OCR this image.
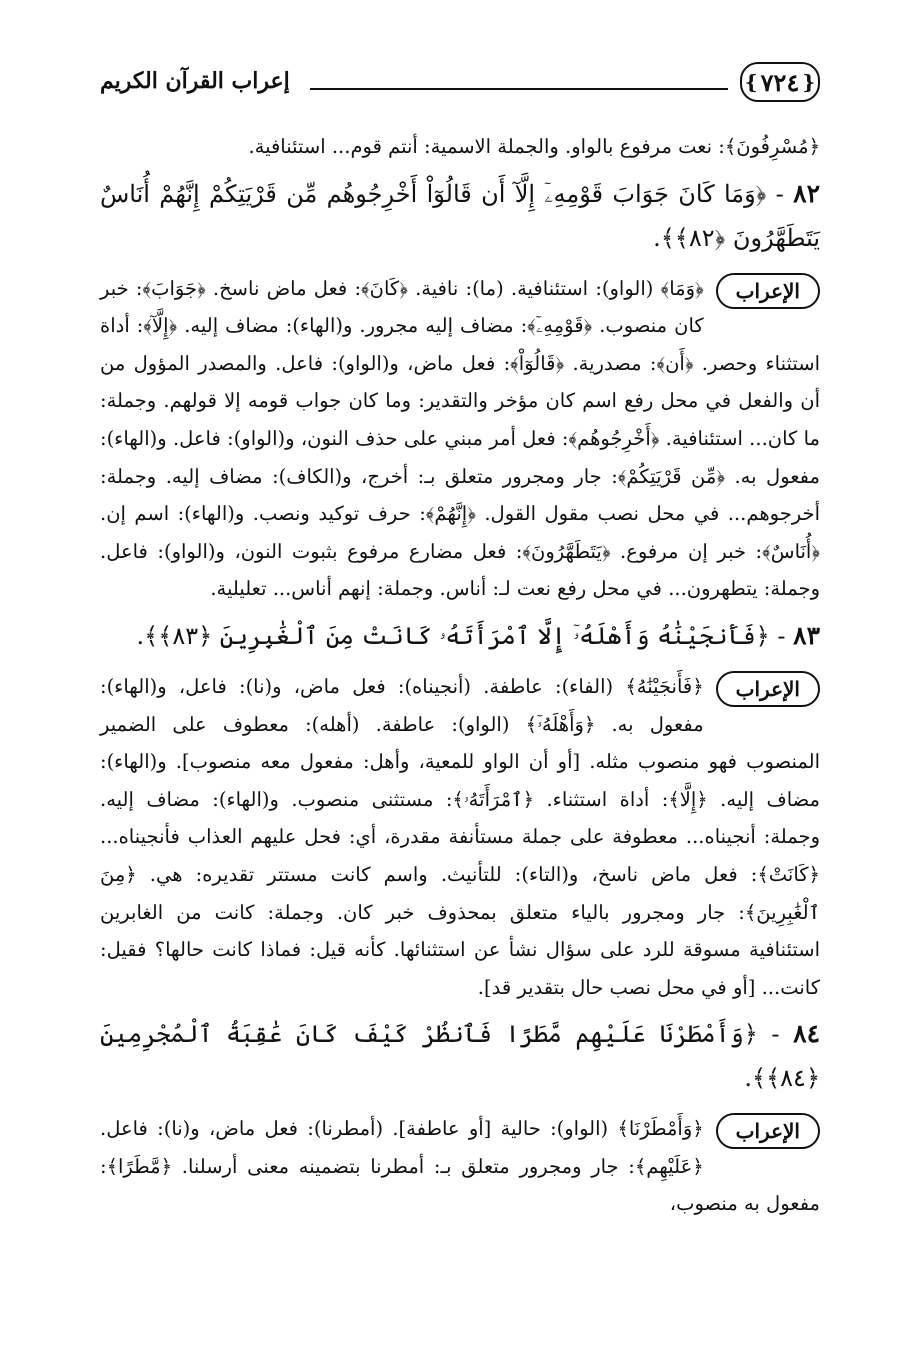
{
٧٢٤
}
إعراب القرآن الكريم

﴿مُسْرِفُونَ﴾: نعت مرفوع بالواو. والجملة الاسمية: أنتم قوم... استئنافية.

٨٢ - ﴿وَمَا كَانَ جَوَابَ قَوْمِهِۦٓ إِلَّآ أَن قَالُوٓاْ أَخْرِجُوهُم مِّن قَرْيَتِكُمْ إِنَّهُمْ أُنَاسٌ يَتَطَهَّرُونَ ﴿٨٢﴾﴾.
الإعراب
﴿وَمَا﴾ (الواو): استئنافية. (ما): نافية. ﴿كَانَ﴾: فعل ماض ناسخ. ﴿جَوَابَ﴾: خبر كان منصوب. ﴿قَوْمِهِۦٓ﴾: مضاف إليه مجرور. و(الهاء): مضاف إليه. ﴿إِلَّآ﴾: أداة استثناء وحصر. ﴿أَن﴾: مصدرية. ﴿قَالُوٓاْ﴾: فعل ماض، و(الواو): فاعل. والمصدر المؤول من أن والفعل في محل رفع اسم كان مؤخر والتقدير: وما كان جواب قومه إلا قولهم. وجملة: ما كان... استئنافية. ﴿أَخْرِجُوهُم﴾: فعل أمر مبني على حذف النون، و(الواو): فاعل. و(الهاء): مفعول به. ﴿مِّن قَرْيَتِكُمْ﴾: جار ومجرور متعلق بـ: أخرج، و(الكاف): مضاف إليه. وجملة: أخرجوهم... في محل نصب مقول القول. ﴿إِنَّهُمْ﴾: حرف توكيد ونصب. و(الهاء): اسم إن. ﴿أُنَاسٌ﴾: خبر إن مرفوع. ﴿يَتَطَهَّرُونَ﴾: فعل مضارع مرفوع بثبوت النون، و(الواو): فاعل. وجملة: يتطهرون... في محل رفع نعت لـ: أناس. وجملة: إنهم أناس... تعليلية.
٨٣ - ﴿فَأَنجَيْنَٰهُ وَأَهْلَهُۥٓ إِلَّا ٱمْرَأَتَهُۥ كَانَتْ مِنَ ٱلْغَٰبِرِينَ ﴿٨٣﴾﴾.
الإعراب
﴿فَأَنجَيْنَٰهُ﴾ (الفاء): عاطفة. (أنجيناه): فعل ماض، و(نا): فاعل، و(الهاء): مفعول به. ﴿وَأَهْلَهُۥٓ﴾ (الواو): عاطفة. (أهله): معطوف على الضمير المنصوب فهو منصوب مثله. [أو أن الواو للمعية، وأهل: مفعول معه منصوب]. و(الهاء): مضاف إليه. ﴿إِلَّا﴾: أداة استثناء. ﴿ٱمْرَأَتَهُۥ﴾: مستثنى منصوب. و(الهاء): مضاف إليه. وجملة: أنجيناه... معطوفة على جملة مستأنفة مقدرة، أي: فحل عليهم العذاب فأنجيناه... ﴿كَانَتْ﴾: فعل ماض ناسخ، و(التاء): للتأنيث. واسم كانت مستتر تقديره: هي. ﴿مِنَ ٱلْغَٰبِرِينَ﴾: جار ومجرور بالياء متعلق بمحذوف خبر كان. وجملة: كانت من الغابرين استئنافية مسوقة للرد على سؤال نشأ عن استثنائها. كأنه قيل: فماذا كانت حالها؟ فقيل: كانت... [أو في محل نصب حال بتقدير قد].
٨٤ - ﴿وَأَمْطَرْنَا عَلَيْهِم مَّطَرًا فَٱنظُرْ كَيْفَ كَانَ عَٰقِبَةُ ٱلْمُجْرِمِينَ ﴿٨٤﴾﴾.
الإعراب
﴿وَأَمْطَرْنَا﴾ (الواو): حالية [أو عاطفة]. (أمطرنا): فعل ماض، و(نا): فاعل. ﴿عَلَيْهِم﴾: جار ومجرور متعلق بـ: أمطرنا بتضمينه معنى أرسلنا. ﴿مَّطَرًا﴾: مفعول به منصوب،
